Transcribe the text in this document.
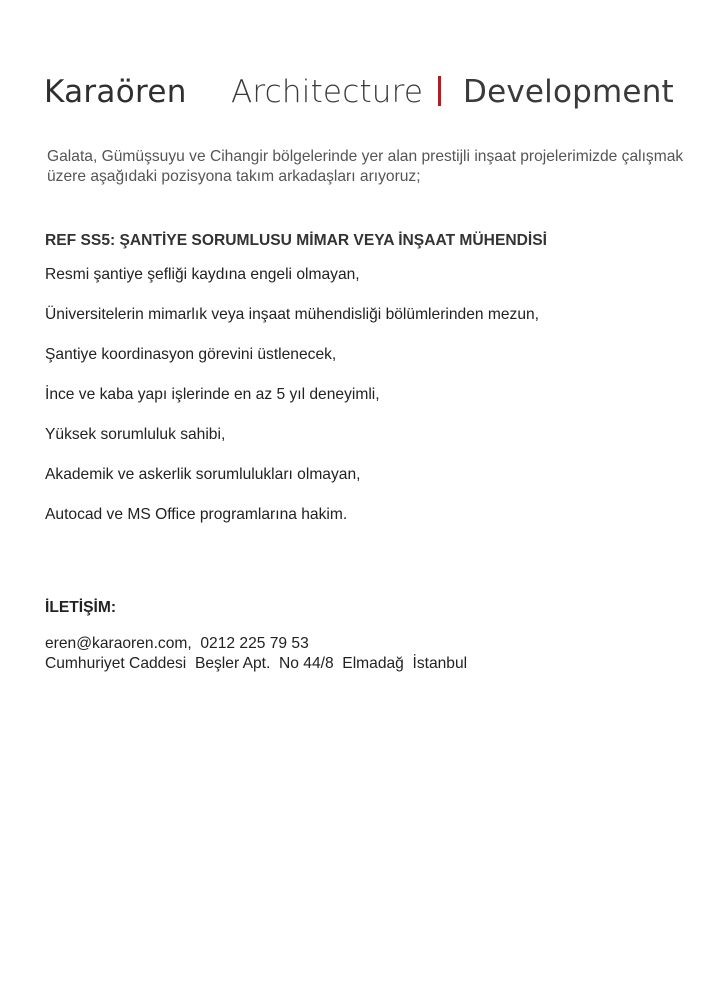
Karaören Architecture Development
Galata, Gümüşsuyu ve Cihangir bölgelerinde yer alan prestijli inşaat projelerimizde çalışmak üzere aşağıdaki pozisyona takım arkadaşları arıyoruz;
REF SS5: ŞANTİYE SORUMLUSU MİMAR VEYA İNŞAAT MÜHENDİSİ
Resmi şantiye şefliği kaydına engeli olmayan,
Üniversitelerin mimarlık veya inşaat mühendisliği bölümlerinden mezun,
Şantiye koordinasyon görevini üstlenecek,
İnce ve kaba yapı işlerinde en az 5 yıl deneyimli,
Yüksek sorumluluk sahibi,
Akademik ve askerlik sorumlulukları olmayan,
Autocad ve MS Office programlarına hakim.
İLETİŞİM:
eren@karaoren.com,  0212 225 79 53
Cumhuriyet Caddesi  Beşler Apt.  No 44/8  Elmadağ  İstanbul
